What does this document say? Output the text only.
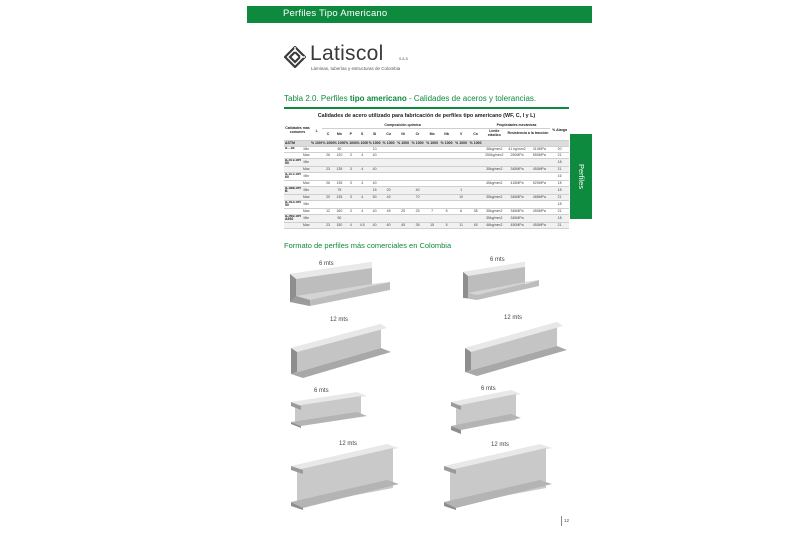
Perfiles Tipo Americano
Perfiles
Latiscol	S.A.S
Láminas, tuberías y estructuras de Colombia
Tabla 2.0. Perfiles tipo americano - Calidades de aceros y tolerancias.
Calidades de acero utilizado para fabricación de perfiles tipo americano (WF, C, I y L)
Calidades más comunes		L	Composición química												Propiedades mecánicas			% Alarga
			C	Mn	P	S	Si	Cu	Ni	Cr	Mo	Nb	V	Cn	Límite elástico	Resistencia a la tracción		
ASTM		% 1000	% 1000	% 1000	% 1000	% 1000	% 1000	% 1000	% 1000	% 1000	% 1000	% 1000	% 1000	% 1000				
A - 36	Min			80			10								36kg/mm2	41 kg/mm2	410MPa	20
	Max		26	120	3	4	40								250kg/mm2	250MPa	550MPa	21
A-572-GR 50	Min																	18
	Max		23	135	3	4	40								35kg/mm2	345MPa	450MPa	21
A-572-GR 60	Min																	16
	Max		26	135	3	4	40								45kg/mm2	415MPa	520MPa	18
A-588-GR B	Min			75			15	20		40			1					18
	Max		20	135	3	4	50	40		70			10		35kg/mm2	345MPa	485MPa	21
A-913-GR 50	Min																	18
	Max		12	160	3	4	40	45	25	25	7	5	6	38	35kg/mm2	345MPa	450MPa	21
A-992-GR A992	Min			50											35kg/mm2	345MPa		18
	Max		23	150	4	4.5	40	60	45	35	15	5	11	45	46kg/mm2	450MPa	450MPa	21
Formato de perfiles más comerciales en Colombia
6 mts
6 mts
12 mts	12 mts
6 mts	6 mts
12 mts	12 mts
12
